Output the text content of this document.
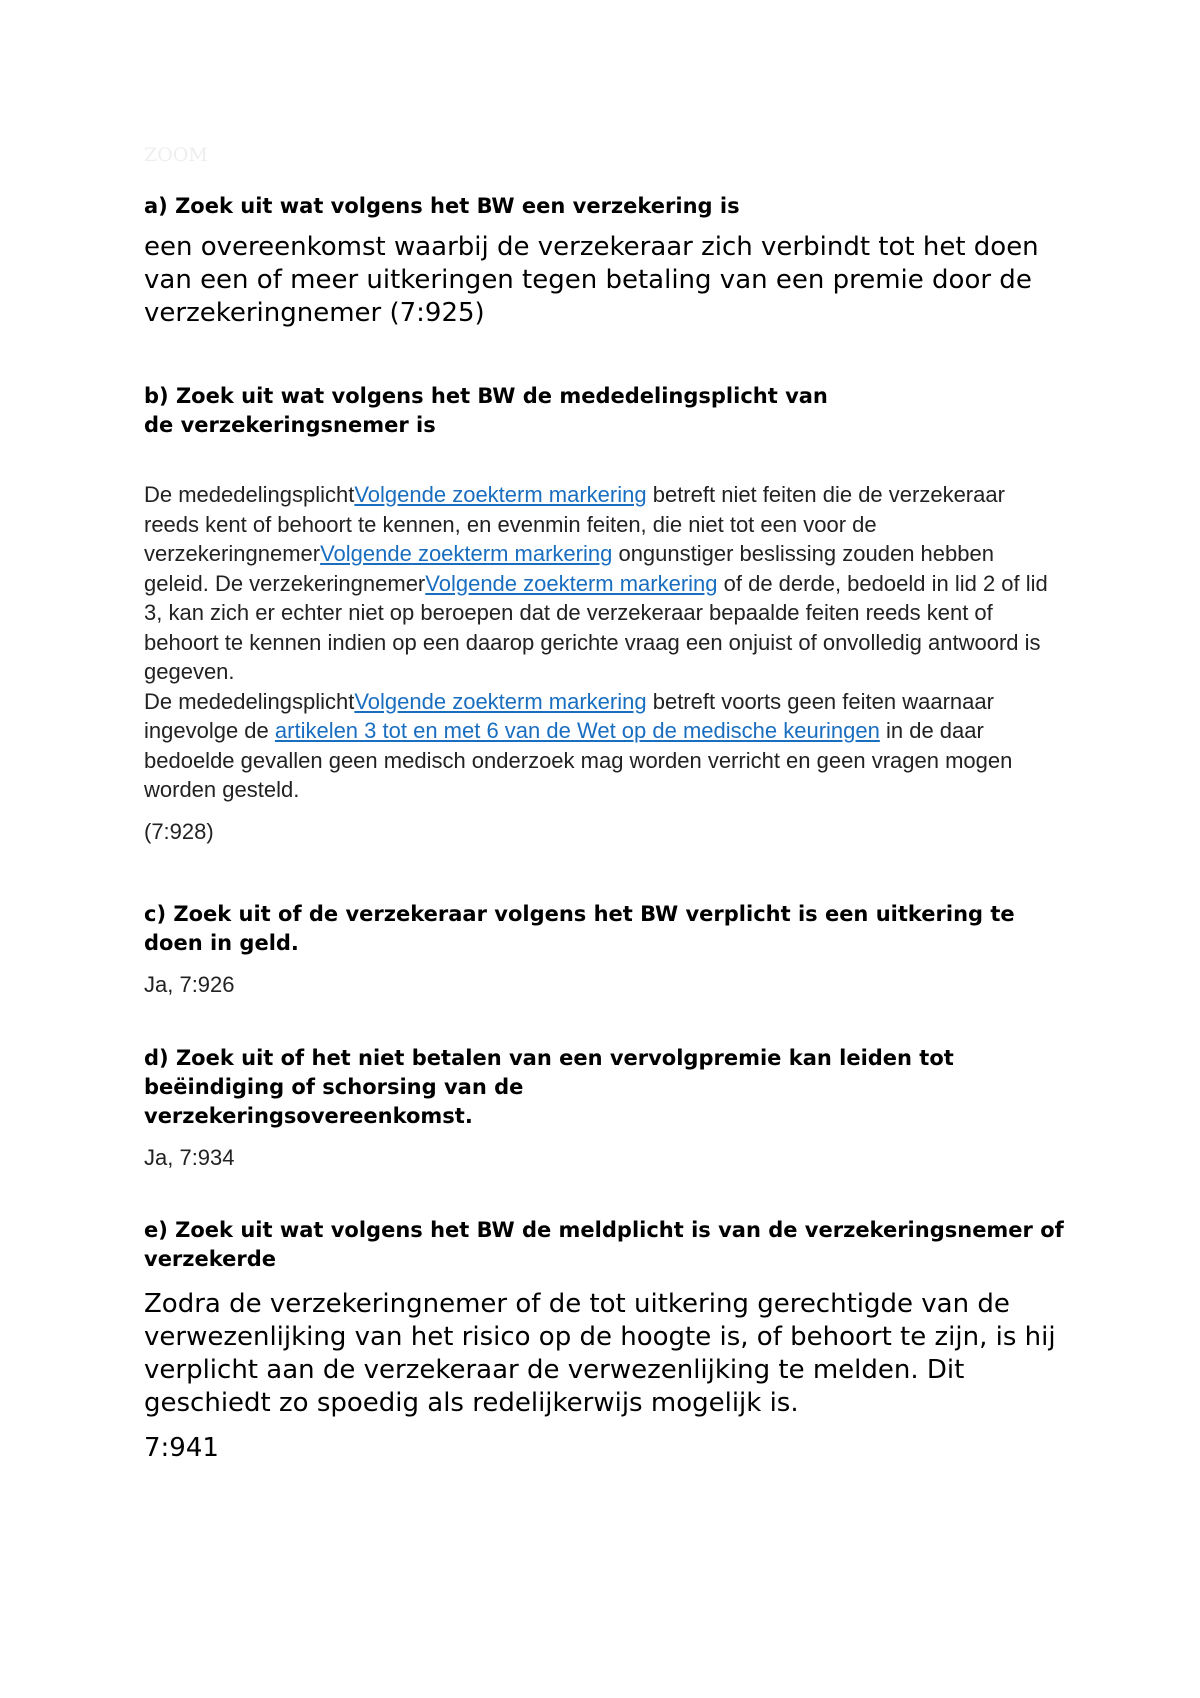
ZOOM

a) Zoek uit wat volgens het BW een verzekering is

een overeenkomst waarbij de verzekeraar zich verbindt tot het doen van een of meer uitkeringen tegen betaling van een premie door de verzekeringnemer (7:925)

b) Zoek uit wat volgens het BW de mededelingsplicht van de verzekeringsnemer is

De mededelingsplichtVolgende zoekterm markering betreft niet feiten die de verzekeraar reeds kent of behoort te kennen, en evenmin feiten, die niet tot een voor de verzekeringnemerVolgende zoekterm markering ongunstiger beslissing zouden hebben geleid. De verzekeringnemerVolgende zoekterm markering of de derde, bedoeld in lid 2 of lid 3, kan zich er echter niet op beroepen dat de verzekeraar bepaalde feiten reeds kent of behoort te kennen indien op een daarop gerichte vraag een onjuist of onvolledig antwoord is gegeven.

De mededelingsplichtVolgende zoekterm markering betreft voorts geen feiten waarnaar ingevolge de artikelen 3 tot en met 6 van de Wet op de medische keuringen in de daar bedoelde gevallen geen medisch onderzoek mag worden verricht en geen vragen mogen worden gesteld.

(7:928)

c) Zoek uit of de verzekeraar volgens het BW verplicht is een uitkering te doen in geld.

Ja, 7:926

d) Zoek uit of het niet betalen van een vervolgpremie kan leiden tot beëindiging of schorsing van de
verzekeringsovereenkomst.

Ja, 7:934

e) Zoek uit wat volgens het BW de meldplicht is van de verzekeringsnemer of verzekerde

Zodra de verzekeringnemer of de tot uitkering gerechtigde van de verwezenlijking van het risico op de hoogte is, of behoort te zijn, is hij verplicht aan de verzekeraar de verwezenlijking te melden. Dit geschiedt zo spoedig als redelijkerwijs mogelijk is.

7:941
